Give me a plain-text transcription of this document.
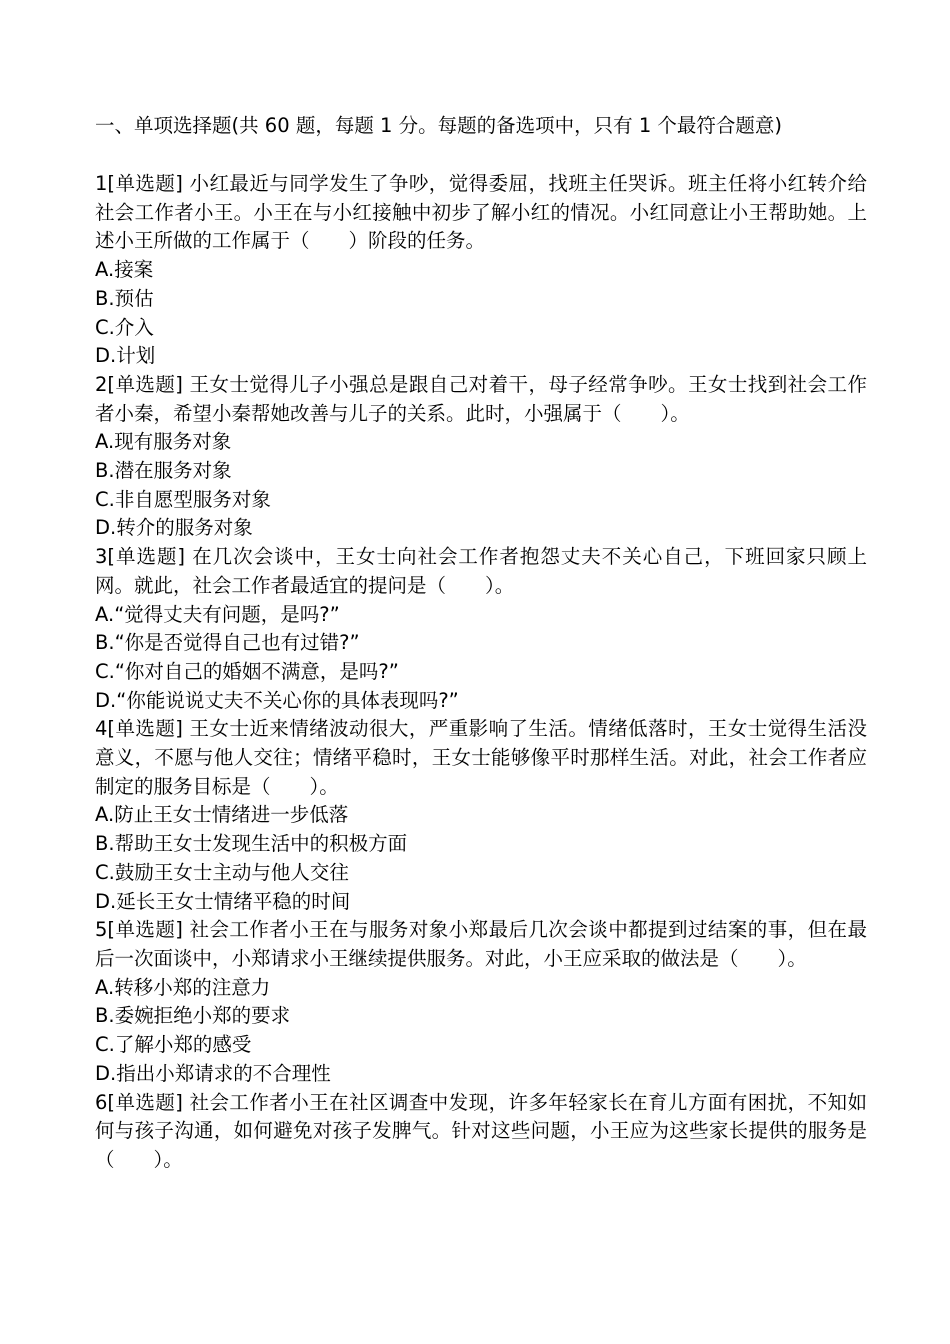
一、单项选择题(共 60 题，每题 1 分。每题的备选项中，只有 1 个最符合题意)

1[单选题] 小红最近与同学发生了争吵，觉得委屈，找班主任哭诉。班主任将小红转介给社会工作者小王。小王在与小红接触中初步了解小红的情况。小红同意让小王帮助她。上述小王所做的工作属于（　　）阶段的任务。

A.接案

B.预估

C.介入

D.计划

2[单选题] 王女士觉得儿子小强总是跟自己对着干，母子经常争吵。王女士找到社会工作者小秦，希望小秦帮她改善与儿子的关系。此时，小强属于（　　）。

A.现有服务对象

B.潜在服务对象

C.非自愿型服务对象

D.转介的服务对象

3[单选题] 在几次会谈中，王女士向社会工作者抱怨丈夫不关心自己，下班回家只顾上网。就此，社会工作者最适宜的提问是（　　）。

A.“觉得丈夫有问题，是吗?”

B.“你是否觉得自己也有过错?”

C.“你对自己的婚姻不满意，是吗?”

D.“你能说说丈夫不关心你的具体表现吗?”

4[单选题] 王女士近来情绪波动很大，严重影响了生活。情绪低落时，王女士觉得生活没意义，不愿与他人交往；情绪平稳时，王女士能够像平时那样生活。对此，社会工作者应制定的服务目标是（　　）。

A.防止王女士情绪进一步低落

B.帮助王女士发现生活中的积极方面

C.鼓励王女士主动与他人交往

D.延长王女士情绪平稳的时间

5[单选题] 社会工作者小王在与服务对象小郑最后几次会谈中都提到过结案的事，但在最后一次面谈中，小郑请求小王继续提供服务。对此，小王应采取的做法是（　　）。

A.转移小郑的注意力

B.委婉拒绝小郑的要求

C.了解小郑的感受

D.指出小郑请求的不合理性

6[单选题] 社会工作者小王在社区调查中发现，许多年轻家长在育儿方面有困扰，不知如何与孩子沟通，如何避免对孩子发脾气。针对这些问题，小王应为这些家长提供的服务是（　　）。
